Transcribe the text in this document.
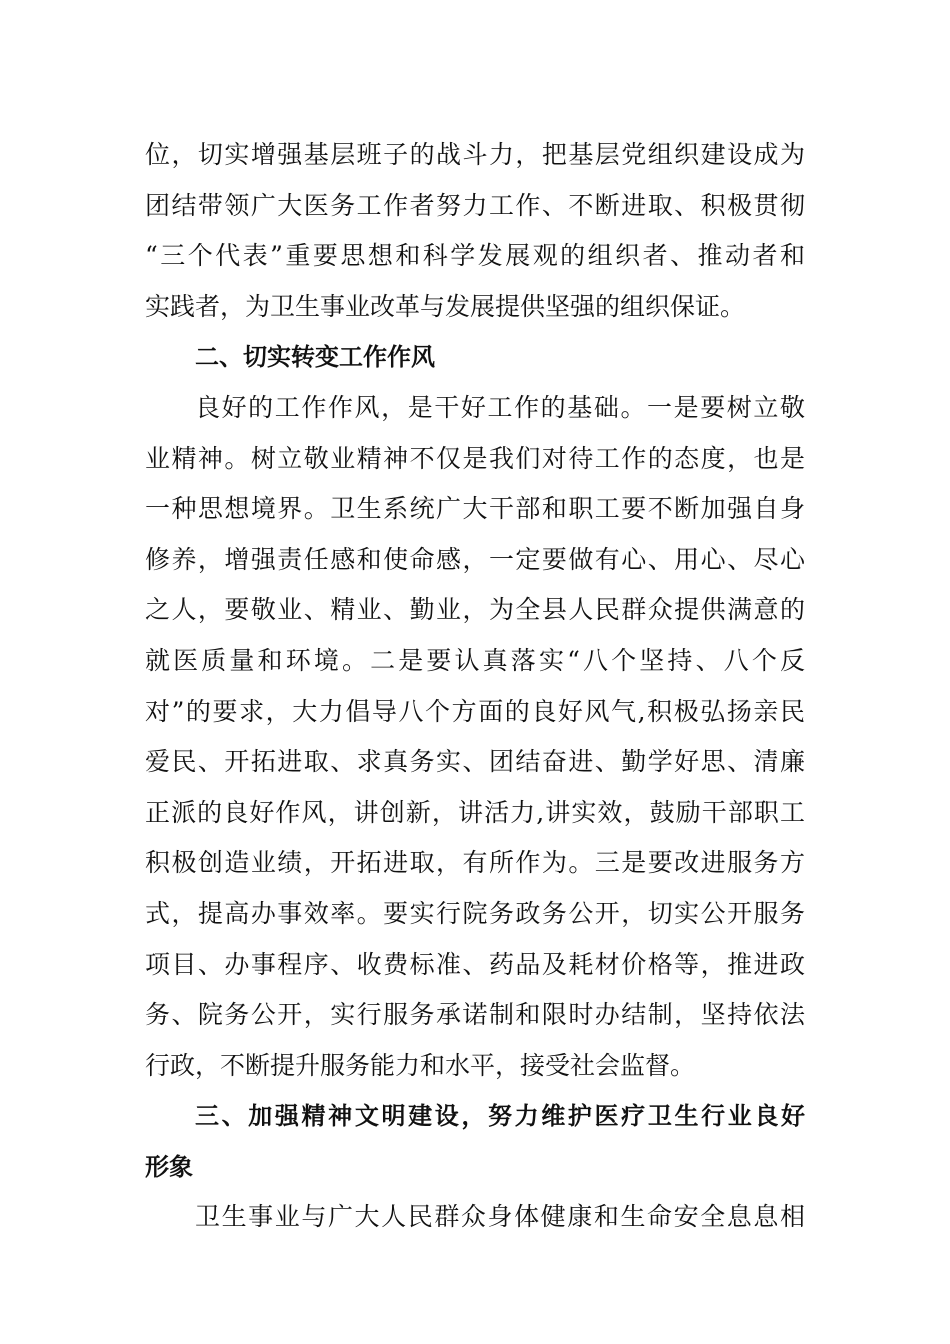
位，切实增强基层班子的战斗力，把基层党组织建设成为
团结带领广大医务工作者努力工作、不断进取、积极贯彻
“三个代表”重要思想和科学发展观的组织者、推动者和
实践者，为卫生事业改革与发展提供坚强的组织保证。
二、切实转变工作作风
良好的工作作风，是干好工作的基础。一是要树立敬
业精神。树立敬业精神不仅是我们对待工作的态度，也是
一种思想境界。卫生系统广大干部和职工要不断加强自身
修养，增强责任感和使命感，一定要做有心、用心、尽心
之人，要敬业、精业、勤业，为全县人民群众提供满意的
就医质量和环境。二是要认真落实“八个坚持、八个反
对”的要求，大力倡导八个方面的良好风气,积极弘扬亲民
爱民、开拓进取、求真务实、团结奋进、勤学好思、清廉
正派的良好作风，讲创新，讲活力,讲实效，鼓励干部职工
积极创造业绩，开拓进取，有所作为。三是要改进服务方
式，提高办事效率。要实行院务政务公开，切实公开服务
项目、办事程序、收费标准、药品及耗材价格等，推进政
务、院务公开，实行服务承诺制和限时办结制，坚持依法
行政，不断提升服务能力和水平，接受社会监督。
三、加强精神文明建设，努力维护医疗卫生行业良好
形象
卫生事业与广大人民群众身体健康和生命安全息息相
